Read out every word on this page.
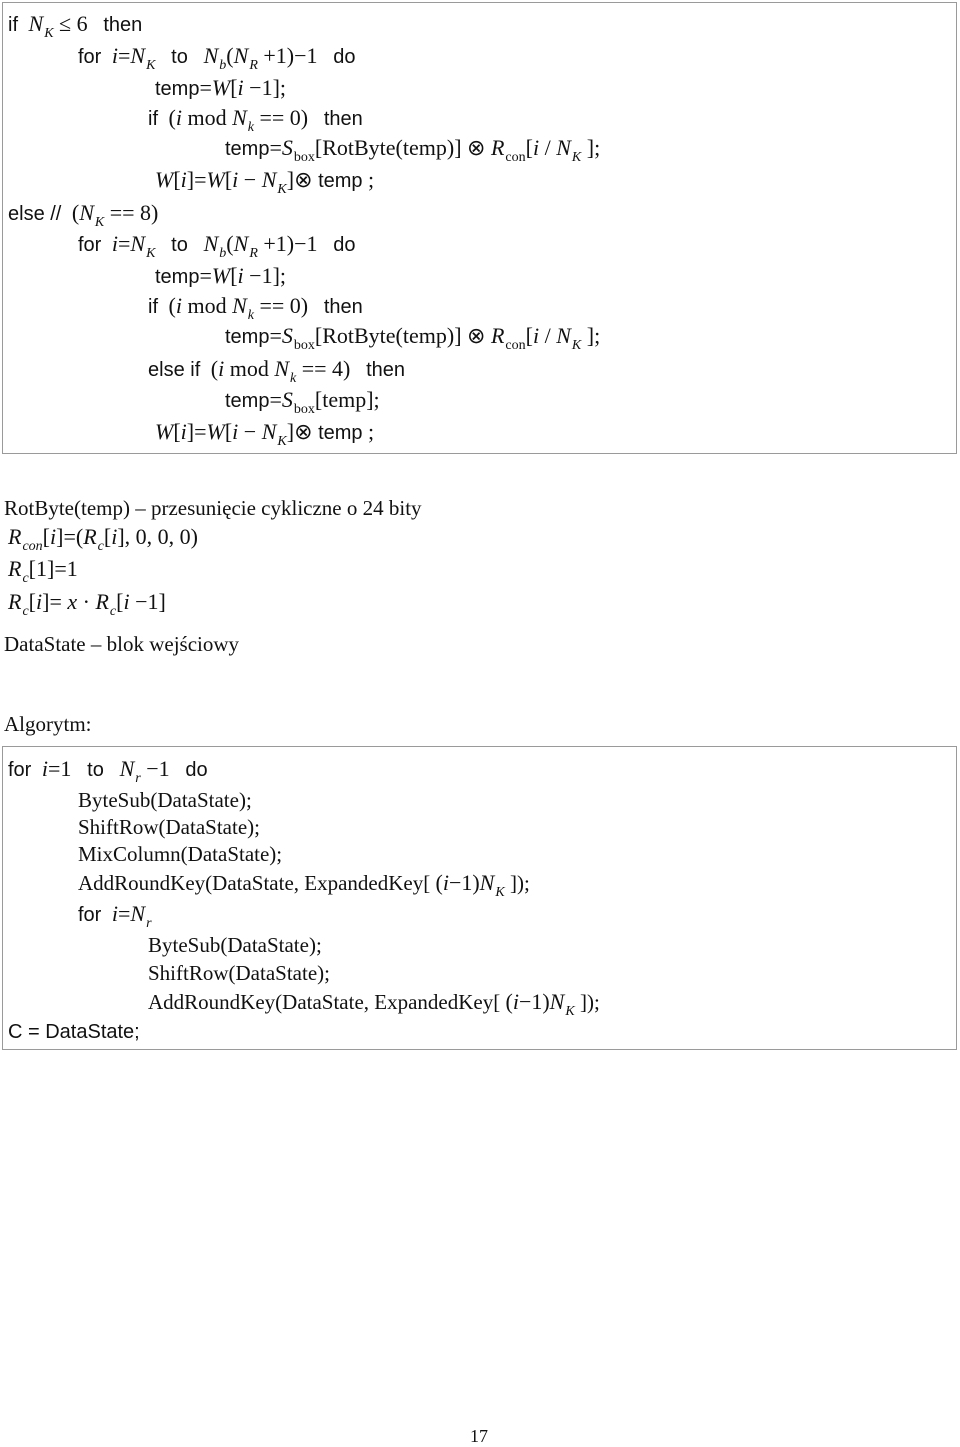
if $N_K \le 6$ then
for $i=N_K$ to $N_b(N_R +1)-1$ do
temp=W[i −1];
if (i mod $N_k == 0$) then
$temp=S_{box}[RotByte(temp)]$ ⊗ $R_{con}[i / N_K$ ];
$W[i]=W[i - N_K]\otimes$ temp ;
else // $(N_K == 8)$
for $i=N_K$ to $N_b(N_R +1)-1$ do
temp=W[i −1];
if (i mod $N_k == 0$) then
$temp=S_{box}[RotByte(temp)]$ ⊗ $R_{con}[i / N_K$ ];
else if (i mod $N_k == 4$) then
$temp=S_{box}[temp]$;
$W[i]=W[i - N_K]\otimes$ temp ;
RotByte(temp) – przesunięcie cykliczne o 24 bity
$R_{con}[i]=(R_c[i]$, 0, 0, 0)
$R_c[1]=1$
$R_c[i]= x \cdot R_c[i -1]$
DataState – blok wejściowy
Algorytm:
for i=1 to $N_r -1$ do
ByteSub(DataState);
ShiftRow(DataState);
MixColumn(DataState);
AddRoundKey(DataState, ExpandedKey[ $(i-1)N_K$ ]);
for $i=N_r$
ByteSub(DataState);
ShiftRow(DataState);
AddRoundKey(DataState, ExpandedKey[ $(i-1)N_K$ ]);
C = DataState;
17
